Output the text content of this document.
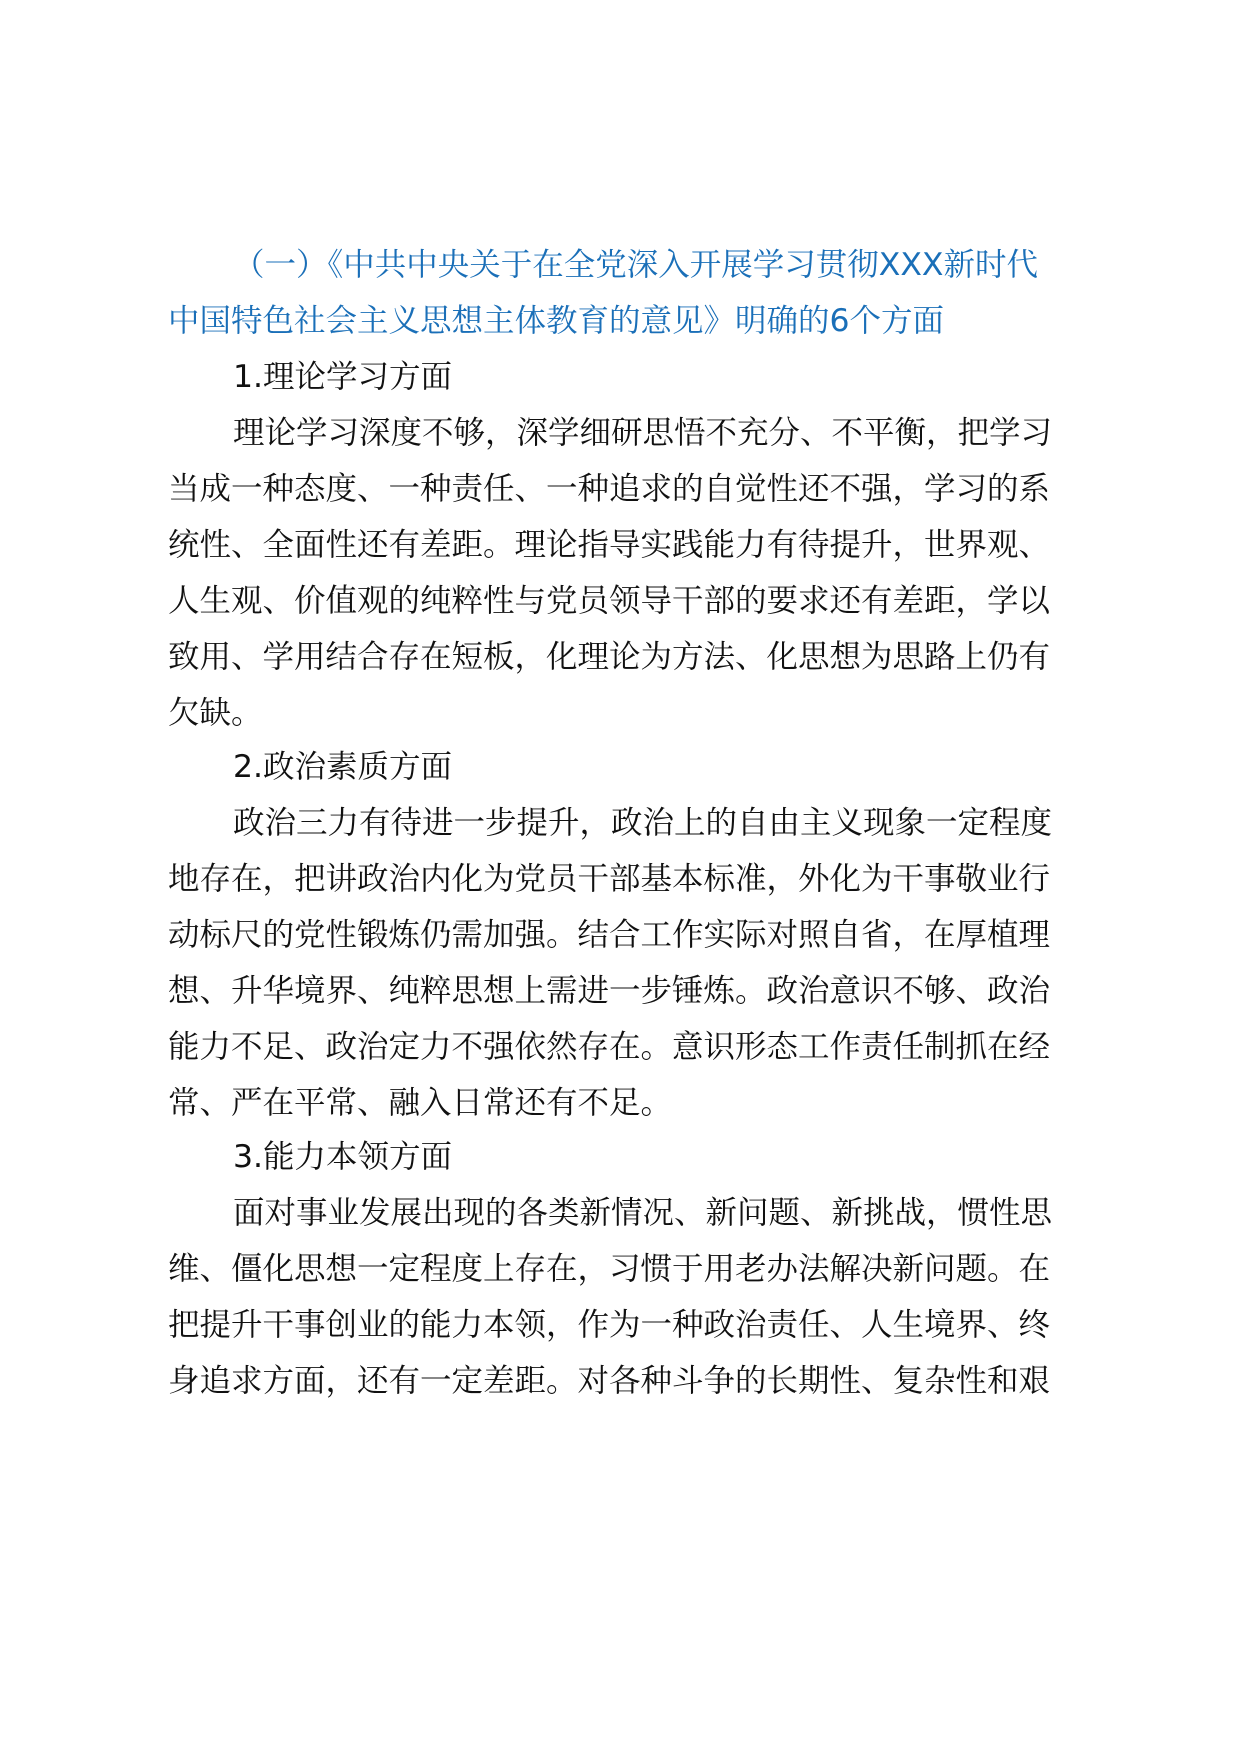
（一）《中共中央关于在全党深入开展学习贯彻XXX新时代

中国特色社会主义思想主体教育的意见》明确的6个方面

1.理论学习方面

理论学习深度不够，深学细研思悟不充分、不平衡，把学习

当成一种态度、一种责任、一种追求的自觉性还不强，学习的系

统性、全面性还有差距。理论指导实践能力有待提升，世界观、

人生观、价值观的纯粹性与党员领导干部的要求还有差距，学以

致用、学用结合存在短板，化理论为方法、化思想为思路上仍有

欠缺。

2.政治素质方面

政治三力有待进一步提升，政治上的自由主义现象一定程度

地存在，把讲政治内化为党员干部基本标准，外化为干事敬业行

动标尺的党性锻炼仍需加强。结合工作实际对照自省，在厚植理

想、升华境界、纯粹思想上需进一步锤炼。政治意识不够、政治

能力不足、政治定力不强依然存在。意识形态工作责任制抓在经

常、严在平常、融入日常还有不足。

3.能力本领方面

面对事业发展出现的各类新情况、新问题、新挑战，惯性思

维、僵化思想一定程度上存在，习惯于用老办法解决新问题。在

把提升干事创业的能力本领，作为一种政治责任、人生境界、终

身追求方面，还有一定差距。对各种斗争的长期性、复杂性和艰
